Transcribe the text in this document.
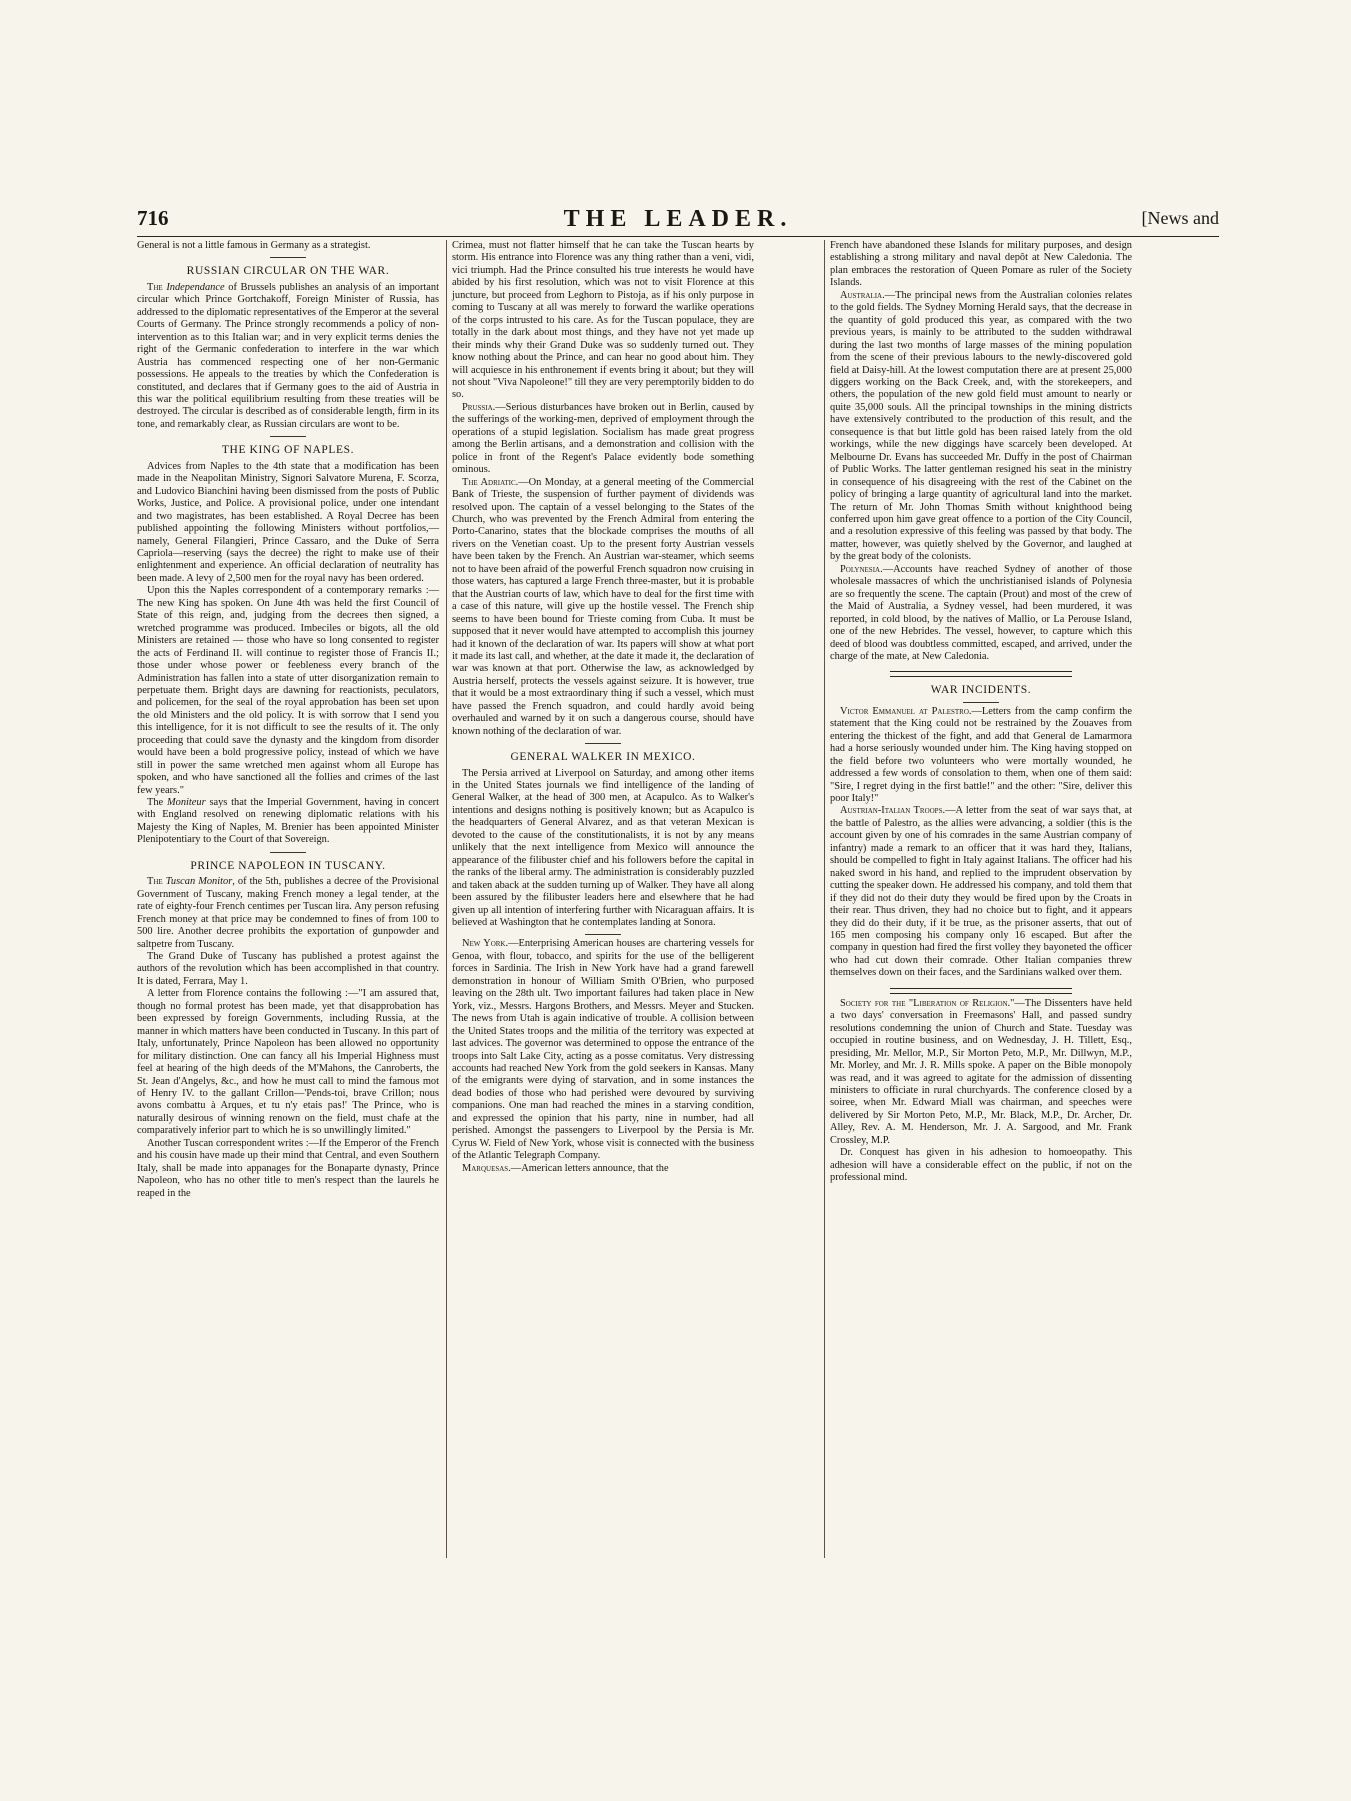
716	THE LEADER.	[News and

General is not a little famous in Germany as a strategist.

RUSSIAN CIRCULAR ON THE WAR.

The Independance of Brussels publishes an analysis of an important circular which Prince Gortchakoff, Foreign Minister of Russia, has addressed to the diplomatic representatives of the Emperor at the several Courts of Germany. The Prince strongly recommends a policy of non-intervention as to this Italian war; and in very explicit terms denies the right of the Germanic confederation to interfere in the war which Austria has commenced respecting one of her non-Germanic possessions. He appeals to the treaties by which the Confederation is constituted, and declares that if Germany goes to the aid of Austria in this war the political equilibrium resulting from these treaties will be destroyed. The circular is described as of considerable length, firm in its tone, and remarkably clear, as Russian circulars are wont to be.

THE KING OF NAPLES.

Advices from Naples to the 4th state that a modification has been made in the Neapolitan Ministry, Signori Salvatore Murena, F. Scorza, and Ludovico Bianchini having been dismissed from the posts of Public Works, Justice, and Police. A provisional police, under one intendant and two magistrates, has been established. A Royal Decree has been published appointing the following Ministers without portfolios,—namely, General Filangieri, Prince Cassaro, and the Duke of Serra Capriola—reserving (says the decree) the right to make use of their enlightenment and experience. An official declaration of neutrality has been made. A levy of 2,500 men for the royal navy has been ordered.

Upon this the Naples correspondent of a contemporary remarks :—The new King has spoken. On June 4th was held the first Council of State of this reign, and, judging from the decrees then signed, a wretched programme was produced. Imbeciles or bigots, all the old Ministers are retained — those who have so long consented to register the acts of Ferdinand II. will continue to register those of Francis II.; those under whose power or feebleness every branch of the Administration has fallen into a state of utter disorganization remain to perpetuate them. Bright days are dawning for reactionists, peculators, and policemen, for the seal of the royal approbation has been set upon the old Ministers and the old policy. It is with sorrow that I send you this intelligence, for it is not difficult to see the results of it. The only proceeding that could save the dynasty and the kingdom from disorder would have been a bold progressive policy, instead of which we have still in power the same wretched men against whom all Europe has spoken, and who have sanctioned all the follies and crimes of the last few years."

The Moniteur says that the Imperial Government, having in concert with England resolved on renewing diplomatic relations with his Majesty the King of Naples, M. Brenier has been appointed Minister Plenipotentiary to the Court of that Sovereign.

PRINCE NAPOLEON IN TUSCANY.

The Tuscan Monitor, of the 5th, publishes a decree of the Provisional Government of Tuscany, making French money a legal tender, at the rate of eighty-four French centimes per Tuscan lira. Any person refusing French money at that price may be condemned to fines of from 100 to 500 lire. Another decree prohibits the exportation of gunpowder and saltpetre from Tuscany.

The Grand Duke of Tuscany has published a protest against the authors of the revolution which has been accomplished in that country. It is dated, Ferrara, May 1.

A letter from Florence contains the following :—"I am assured that, though no formal protest has been made, yet that disapprobation has been expressed by foreign Governments, including Russia, at the manner in which matters have been conducted in Tuscany. In this part of Italy, unfortunately, Prince Napoleon has been allowed no opportunity for military distinction. One can fancy all his Imperial Highness must feel at hearing of the high deeds of the M'Mahons, the Canroberts, the St. Jean d'Angelys, &c., and how he must call to mind the famous mot of Henry IV. to the gallant Crillon—'Pends-toi, brave Crillon; nous avons combattu à Arques, et tu n'y etais pas!' The Prince, who is naturally desirous of winning renown on the field, must chafe at the comparatively inferior part to which he is so unwillingly limited."

Another Tuscan correspondent writes :—If the Emperor of the French and his cousin have made up their mind that Central, and even Southern Italy, shall be made into appanages for the Bonaparte dynasty, Prince Napoleon, who has no other title to men's respect than the laurels he reaped in the

Crimea, must not flatter himself that he can take the Tuscan hearts by storm. His entrance into Florence was any thing rather than a veni, vidi, vici triumph. Had the Prince consulted his true interests he would have abided by his first resolution, which was not to visit Florence at this juncture, but proceed from Leghorn to Pistoja, as if his only purpose in coming to Tuscany at all was merely to forward the warlike operations of the corps intrusted to his care. As for the Tuscan populace, they are totally in the dark about most things, and they have not yet made up their minds why their Grand Duke was so suddenly turned out. They know nothing about the Prince, and can hear no good about him. They will acquiesce in his enthronement if events bring it about; but they will not shout "Viva Napoleone!" till they are very peremptorily bidden to do so.

Prussia.—Serious disturbances have broken out in Berlin, caused by the sufferings of the working-men, deprived of employment through the operations of a stupid legislation. Socialism has made great progress among the Berlin artisans, and a demonstration and collision with the police in front of the Regent's Palace evidently bode something ominous.

The Adriatic.—On Monday, at a general meeting of the Commercial Bank of Trieste, the suspension of further payment of dividends was resolved upon. The captain of a vessel belonging to the States of the Church, who was prevented by the French Admiral from entering the Porto-Canarino, states that the blockade comprises the mouths of all rivers on the Venetian coast. Up to the present forty Austrian vessels have been taken by the French. An Austrian war-steamer, which seems not to have been afraid of the powerful French squadron now cruising in those waters, has captured a large French three-master, but it is probable that the Austrian courts of law, which have to deal for the first time with a case of this nature, will give up the hostile vessel. The French ship seems to have been bound for Trieste coming from Cuba. It must be supposed that it never would have attempted to accomplish this journey had it known of the declaration of war. Its papers will show at what port it made its last call, and whether, at the date it made it, the declaration of war was known at that port. Otherwise the law, as acknowledged by Austria herself, protects the vessels against seizure. It is however, true that it would be a most extraordinary thing if such a vessel, which must have passed the French squadron, and could hardly avoid being overhauled and warned by it on such a dangerous course, should have known nothing of the declaration of war.

GENERAL WALKER IN MEXICO.

The Persia arrived at Liverpool on Saturday, and among other items in the United States journals we find intelligence of the landing of General Walker, at the head of 300 men, at Acapulco. As to Walker's intentions and designs nothing is positively known; but as Acapulco is the headquarters of General Alvarez, and as that veteran Mexican is devoted to the cause of the constitutionalists, it is not by any means unlikely that the next intelligence from Mexico will announce the appearance of the filibuster chief and his followers before the capital in the ranks of the liberal army. The administration is considerably puzzled and taken aback at the sudden turning up of Walker. They have all along been assured by the filibuster leaders here and elsewhere that he had given up all intention of interfering further with Nicaraguan affairs. It is believed at Washington that he contemplates landing at Sonora.

New York.—Enterprising American houses are chartering vessels for Genoa, with flour, tobacco, and spirits for the use of the belligerent forces in Sardinia. The Irish in New York have had a grand farewell demonstration in honour of William Smith O'Brien, who purposed leaving on the 28th ult. Two important failures had taken place in New York, viz., Messrs. Hargons Brothers, and Messrs. Meyer and Stucken. The news from Utah is again indicative of trouble. A collision between the United States troops and the militia of the territory was expected at last advices. The governor was determined to oppose the entrance of the troops into Salt Lake City, acting as a posse comitatus. Very distressing accounts had reached New York from the gold seekers in Kansas. Many of the emigrants were dying of starvation, and in some instances the dead bodies of those who had perished were devoured by surviving companions. One man had reached the mines in a starving condition, and expressed the opinion that his party, nine in number, had all perished. Amongst the passengers to Liverpool by the Persia is Mr. Cyrus W. Field of New York, whose visit is connected with the business of the Atlantic Telegraph Company.

Marquesas.—American letters announce, that the

French have abandoned these Islands for military purposes, and design establishing a strong military and naval depôt at New Caledonia. The plan embraces the restoration of Queen Pomare as ruler of the Society Islands.

Australia.—The principal news from the Australian colonies relates to the gold fields. The Sydney Morning Herald says, that the decrease in the quantity of gold produced this year, as compared with the two previous years, is mainly to be attributed to the sudden withdrawal during the last two months of large masses of the mining population from the scene of their previous labours to the newly-discovered gold field at Daisy-hill. At the lowest computation there are at present 25,000 diggers working on the Back Creek, and, with the storekeepers, and others, the population of the new gold field must amount to nearly or quite 35,000 souls. All the principal townships in the mining districts have extensively contributed to the production of this result, and the consequence is that but little gold has been raised lately from the old workings, while the new diggings have scarcely been developed. At Melbourne Dr. Evans has succeeded Mr. Duffy in the post of Chairman of Public Works. The latter gentleman resigned his seat in the ministry in consequence of his disagreeing with the rest of the Cabinet on the policy of bringing a large quantity of agricultural land into the market. The return of Mr. John Thomas Smith without knighthood being conferred upon him gave great offence to a portion of the City Council, and a resolution expressive of this feeling was passed by that body. The matter, however, was quietly shelved by the Governor, and laughed at by the great body of the colonists.

Polynesia.—Accounts have reached Sydney of another of those wholesale massacres of which the unchristianised islands of Polynesia are so frequently the scene. The captain (Prout) and most of the crew of the Maid of Australia, a Sydney vessel, had been murdered, it was reported, in cold blood, by the natives of Mallio, or La Perouse Island, one of the new Hebrides. The vessel, however, to capture which this deed of blood was doubtless committed, escaped, and arrived, under the charge of the mate, at New Caledonia.

WAR INCIDENTS.

Victor Emmanuel at Palestro.—Letters from the camp confirm the statement that the King could not be restrained by the Zouaves from entering the thickest of the fight, and add that General de Lamarmora had a horse seriously wounded under him. The King having stopped on the field before two volunteers who were mortally wounded, he addressed a few words of consolation to them, when one of them said: "Sire, I regret dying in the first battle!" and the other: "Sire, deliver this poor Italy!"

Austrian-Italian Troops.—A letter from the seat of war says that, at the battle of Palestro, as the allies were advancing, a soldier (this is the account given by one of his comrades in the same Austrian company of infantry) made a remark to an officer that it was hard they, Italians, should be compelled to fight in Italy against Italians. The officer had his naked sword in his hand, and replied to the imprudent observation by cutting the speaker down. He addressed his company, and told them that if they did not do their duty they would be fired upon by the Croats in their rear. Thus driven, they had no choice but to fight, and it appears they did do their duty, if it be true, as the prisoner asserts, that out of 165 men composing his company only 16 escaped. But after the company in question had fired the first volley they bayoneted the officer who had cut down their comrade. Other Italian companies threw themselves down on their faces, and the Sardinians walked over them.

Society for the "Liberation of Religion."—The Dissenters have held a two days' conversation in Freemasons' Hall, and passed sundry resolutions condemning the union of Church and State. Tuesday was occupied in routine business, and on Wednesday, J. H. Tillett, Esq., presiding, Mr. Mellor, M.P., Sir Morton Peto, M.P., Mr. Dillwyn, M.P., Mr. Morley, and Mr. J. R. Mills spoke. A paper on the Bible monopoly was read, and it was agreed to agitate for the admission of dissenting ministers to officiate in rural churchyards. The conference closed by a soiree, when Mr. Edward Miall was chairman, and speeches were delivered by Sir Morton Peto, M.P., Mr. Black, M.P., Dr. Archer, Dr. Alley, Rev. A. M. Henderson, Mr. J. A. Sargood, and Mr. Frank Crossley, M.P.

Dr. Conquest has given in his adhesion to homoeopathy. This adhesion will have a considerable effect on the public, if not on the professional mind.
